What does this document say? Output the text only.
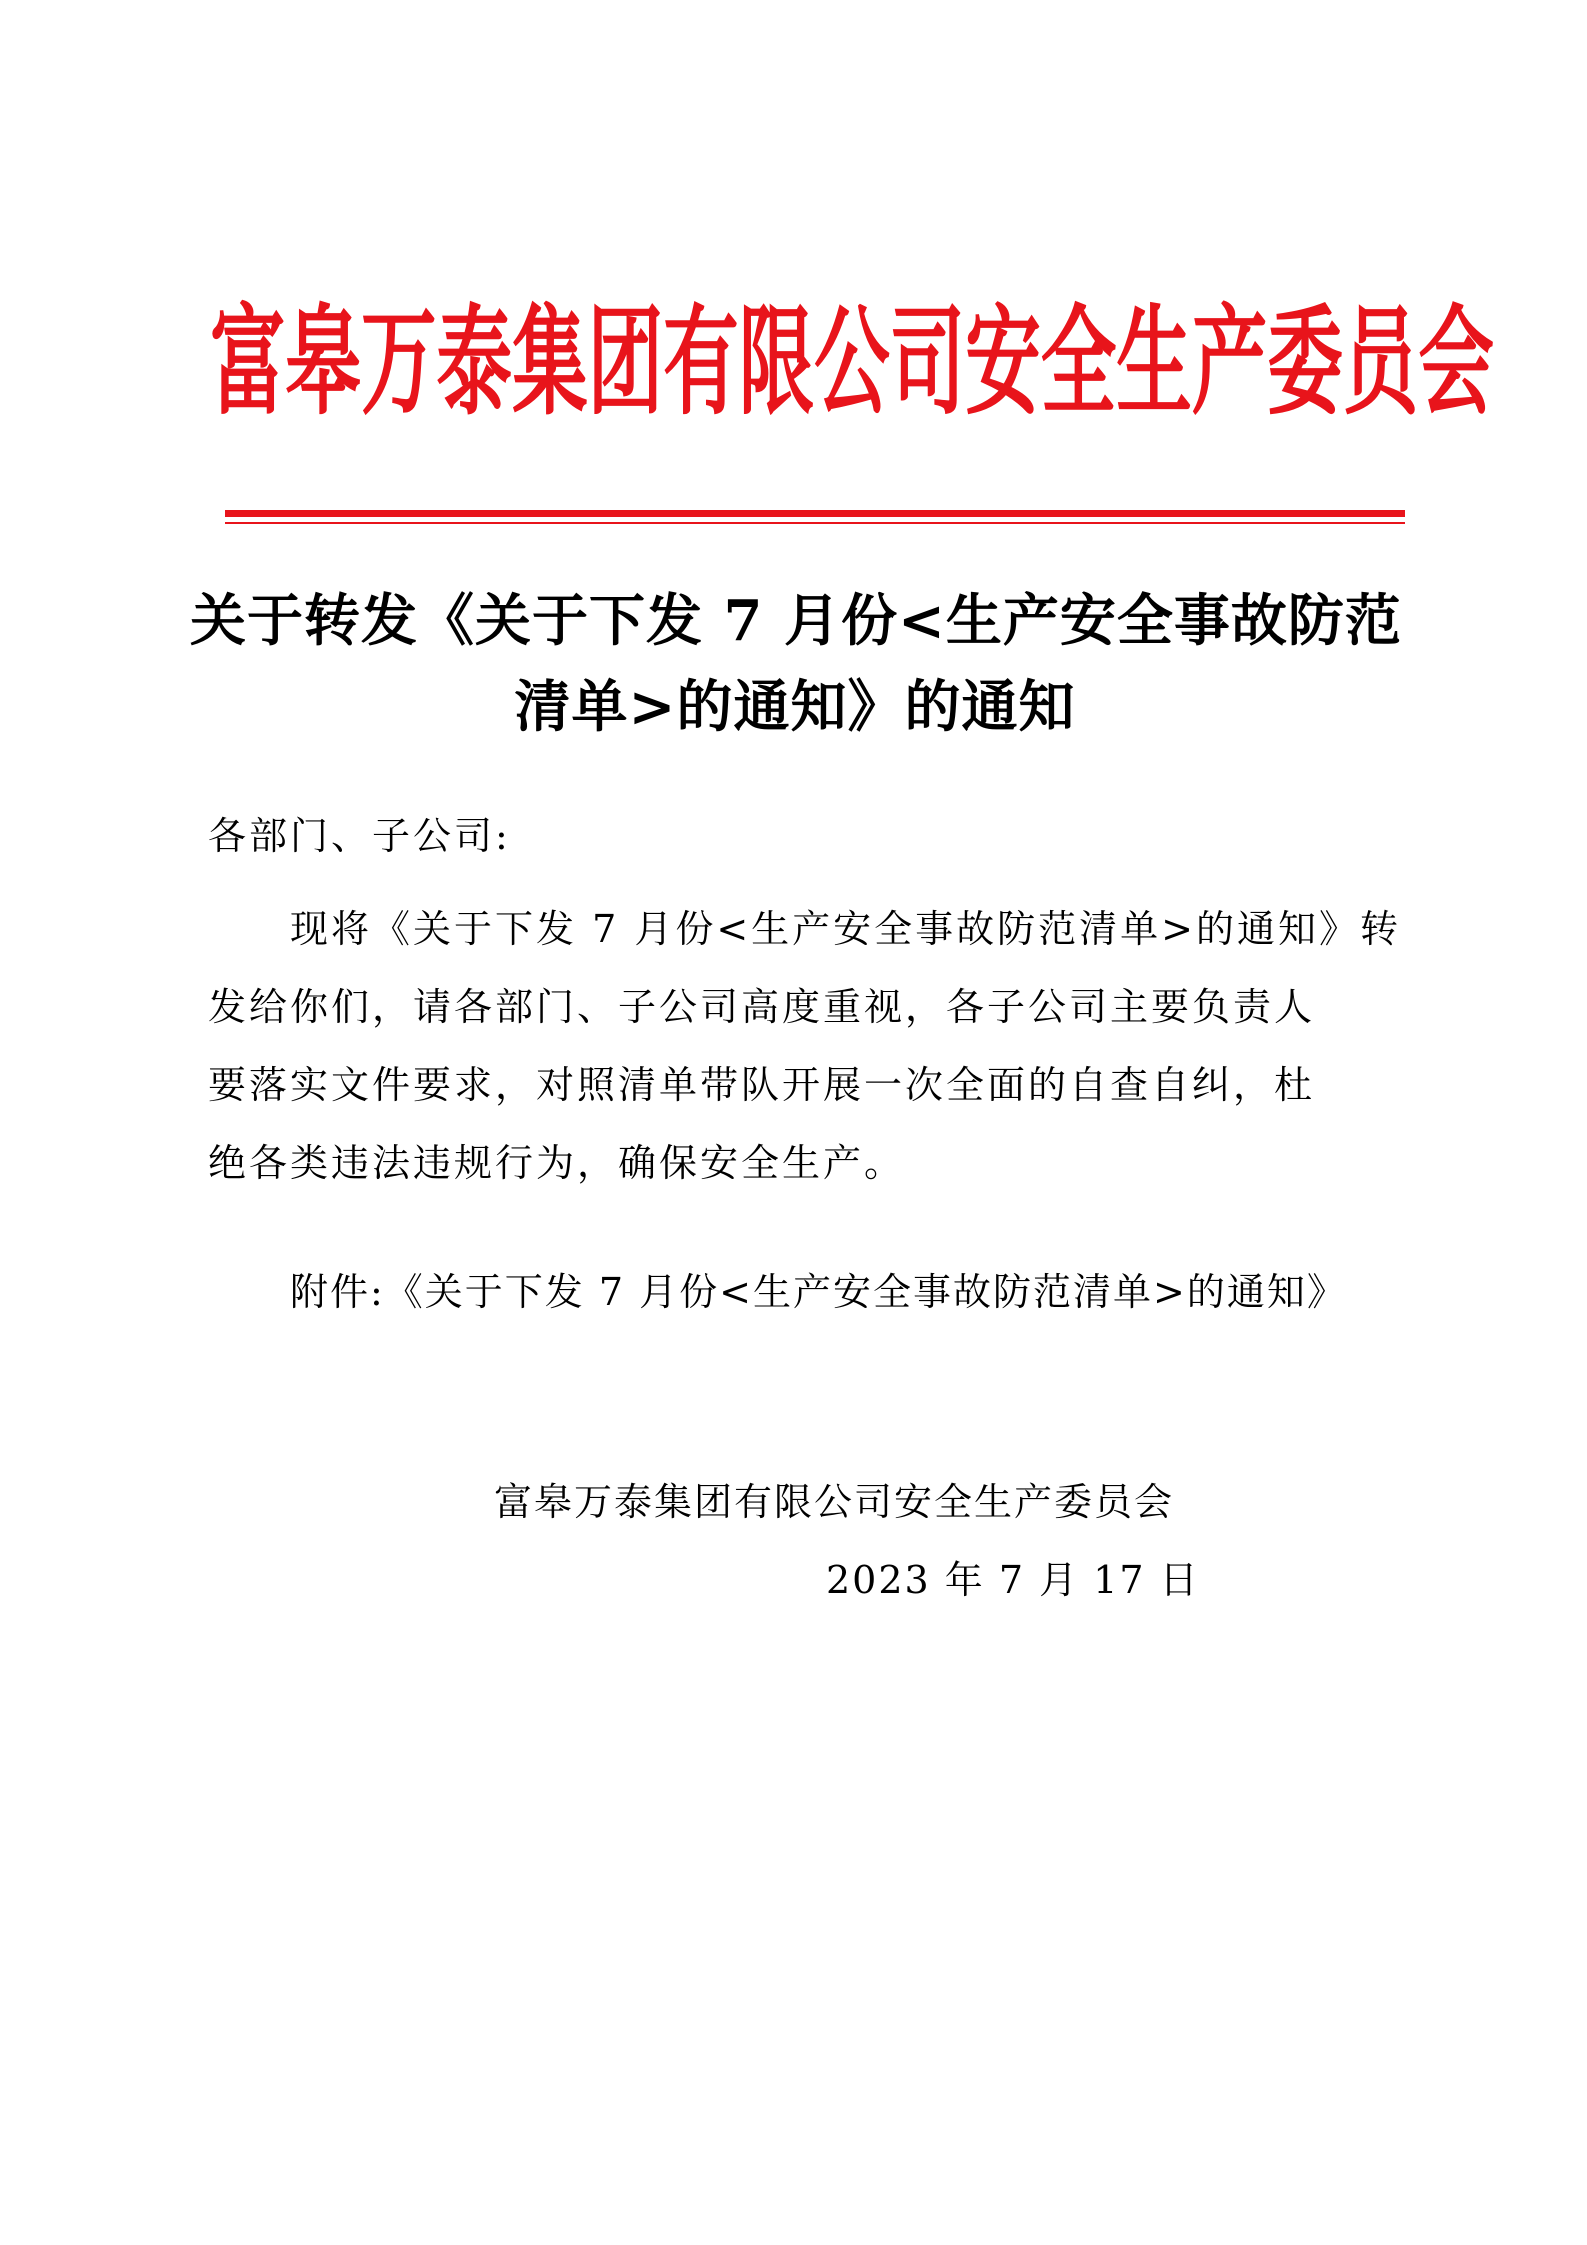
富皋万泰集团有限公司安全生产委员会
关于转发《关于下发 7 月份<生产安全事故防范
清单>的通知》的通知
各部门、子公司:
　　现将《关于下发 7 月份<生产安全事故防范清单>的通知》转
发给你们，请各部门、子公司高度重视，各子公司主要负责人
要落实文件要求，对照清单带队开展一次全面的自查自纠，杜
绝各类违法违规行为，确保安全生产。
附件:《关于下发 7 月份<生产安全事故防范清单>的通知》
富皋万泰集团有限公司安全生产委员会
2023 年 7 月 17 日
